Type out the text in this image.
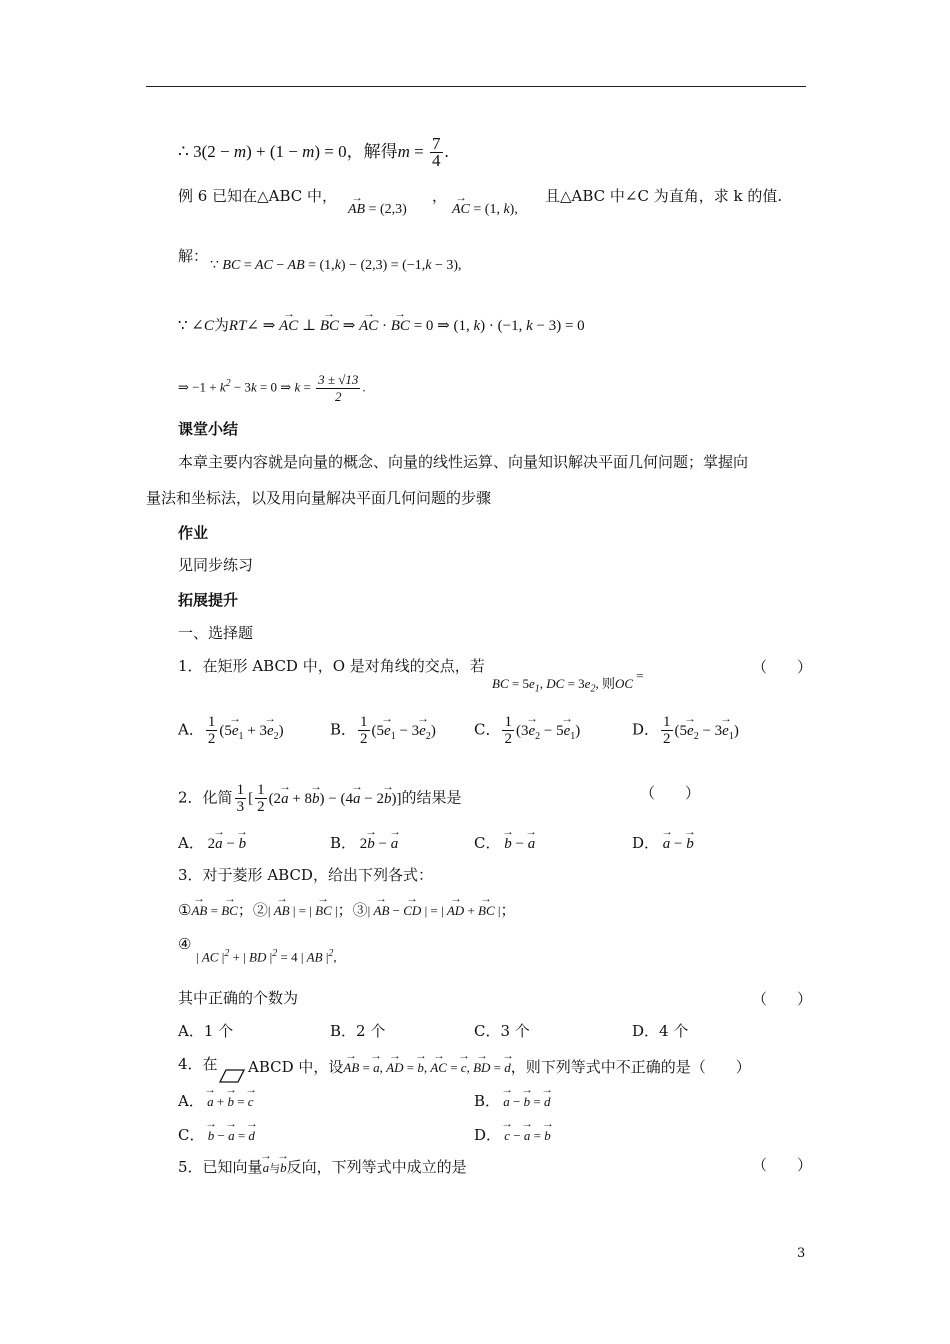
∴ 3(2 − m) + (1 − m) = 0，解得$m = \frac{7}{4}$ .
例 6 已知在△ABC 中，
→ AB = (2,3)
，
→ AC = (1, k),
且△ABC 中∠C 为直角，求 k 的值.
解：
∵ BC = AC − AB = (1,k) − (2,3) = (−1,k − 3),
∵ ∠C为RT∠ ⇒ → AC ⊥ → BC ⇒ → AC · → BC = 0 ⇒ (1, k) · (−1, k − 3) = 0
⇒ $-1 + k^2 - 3k = 0$ ⇒ $k = \frac{3 \pm √13}{2}$ .
课堂小结
本章主要内容就是向量的概念、向量的线性运算、向量知识解决平面几何问题；掌握向
量法和坐标法，以及用向量解决平面几何问题的步骤
作业
见同步练习
拓展提升
一、选择题
1．在矩形 ABCD 中，O 是对角线的交点，若
BC = $5e_1$, DC = $3e_2$, 则OC =	（　　）
A． $\frac{1}{2} (5\to e_1 + 3\to e_2)$	B． $\frac{1}{2} (5\to e_1 - 3\to e_2)$	C． $\frac{1}{2} (3\to e_2 - 5\to e_1)$	D． $\frac{1}{2} (5\to e_2 - 3\to e_1)$
2．化简 $\frac{1}{3}$ [ $\frac{1}{2} (2\to a + 8\to b) - (4\to a - 2\to b)$]的结果是	（　　）
A． 2→ a − → b	B． 2→ b − → a	C． → b − → a	D． → a − → b
3．对于菱形 ABCD，给出下列各式：
①→ AB = → BC；②| → AB | = | → BC |；③| → AB − → CD | = | → AD + → BC |；
④
| AC $|^2$ + | BD $|^2 = 4$ | AB $|^2$,
其中正确的个数为	（　　）
A．1 个	B．2 个	C．3 个	D．4 个
4．在 ABCD 中，设→ AB = → a, → AD = → b, → AC = → c, → BD = → d，则下列等式中不正确的是（　　）
A． → a + → b = → c	B． → a − → b = → d
C． → b − → a = → d	D． → c − → a = → b
5．已知向量→ a与→ b反向，下列等式中成立的是	（　　）
3
